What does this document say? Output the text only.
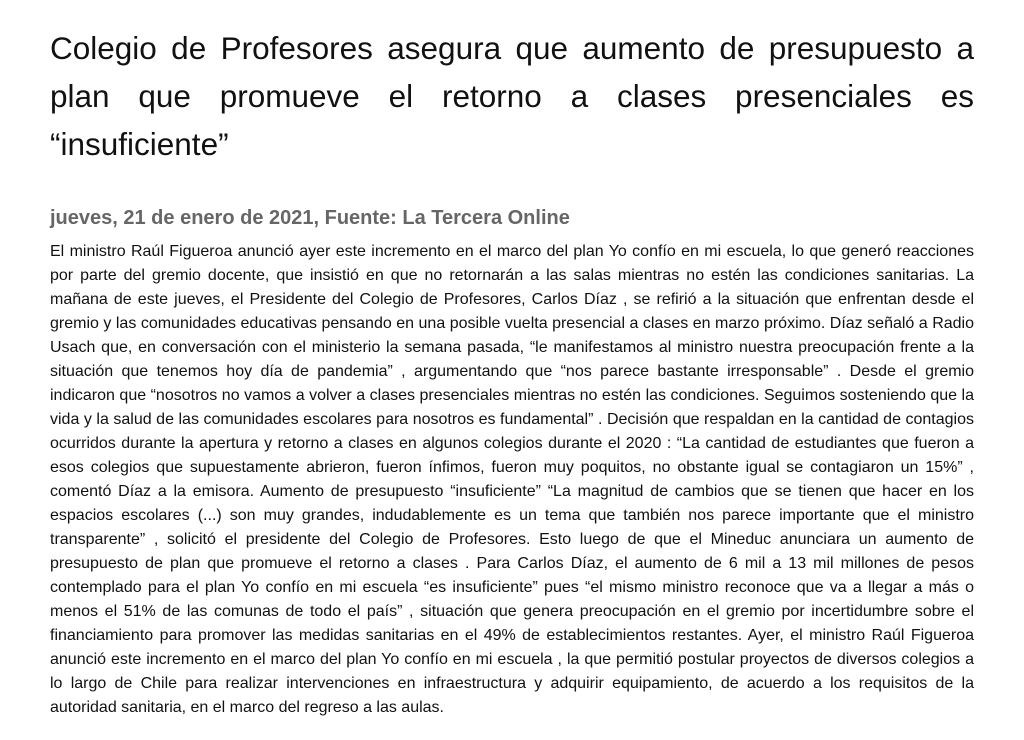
Colegio de Profesores asegura que aumento de presupuesto a plan que promueve el retorno a clases presenciales es “insuficiente”
jueves, 21 de enero de 2021, Fuente: La Tercera Online

El ministro Raúl Figueroa anunció ayer este incremento en el marco del plan Yo confío en mi escuela, lo que generó reacciones por parte del gremio docente, que insistió en que no retornarán a las salas mientras no estén las condiciones sanitarias. La mañana de este jueves, el Presidente del Colegio de Profesores, Carlos Díaz , se refirió a la situación que enfrentan desde el gremio y las comunidades educativas pensando en una posible vuelta presencial a clases en marzo próximo. Díaz señaló a Radio Usach que, en conversación con el ministerio la semana pasada, “le manifestamos al ministro nuestra preocupación frente a la situación que tenemos hoy día de pandemia” , argumentando que “nos parece bastante irresponsable” . Desde el gremio indicaron que “nosotros no vamos a volver a clases presenciales mientras no estén las condiciones. Seguimos sosteniendo que la vida y la salud de las comunidades escolares para nosotros es fundamental” . Decisión que respaldan en la cantidad de contagios ocurridos durante la apertura y retorno a clases en algunos colegios durante el 2020 : “La cantidad de estudiantes que fueron a esos colegios que supuestamente abrieron, fueron ínfimos, fueron muy poquitos, no obstante igual se contagiaron un 15%” , comentó Díaz a la emisora. Aumento de presupuesto “insuficiente” “La magnitud de cambios que se tienen que hacer en los espacios escolares (...) son muy grandes, indudablemente es un tema que también nos parece importante que el ministro transparente” , solicitó el presidente del Colegio de Profesores. Esto luego de que el Mineduc anunciara un aumento de presupuesto de plan que promueve el retorno a clases . Para Carlos Díaz, el aumento de 6 mil a 13 mil millones de pesos contemplado para el plan Yo confío en mi escuela “es insuficiente” pues “el mismo ministro reconoce que va a llegar a más o menos el 51% de las comunas de todo el país” , situación que genera preocupación en el gremio por incertidumbre sobre el financiamiento para promover las medidas sanitarias en el 49% de establecimientos restantes. Ayer, el ministro Raúl Figueroa anunció este incremento en el marco del plan Yo confío en mi escuela , la que permitió postular proyectos de diversos colegios a lo largo de Chile para realizar intervenciones en infraestructura y adquirir equipamiento, de acuerdo a los requisitos de la autoridad sanitaria, en el marco del regreso a las aulas.
